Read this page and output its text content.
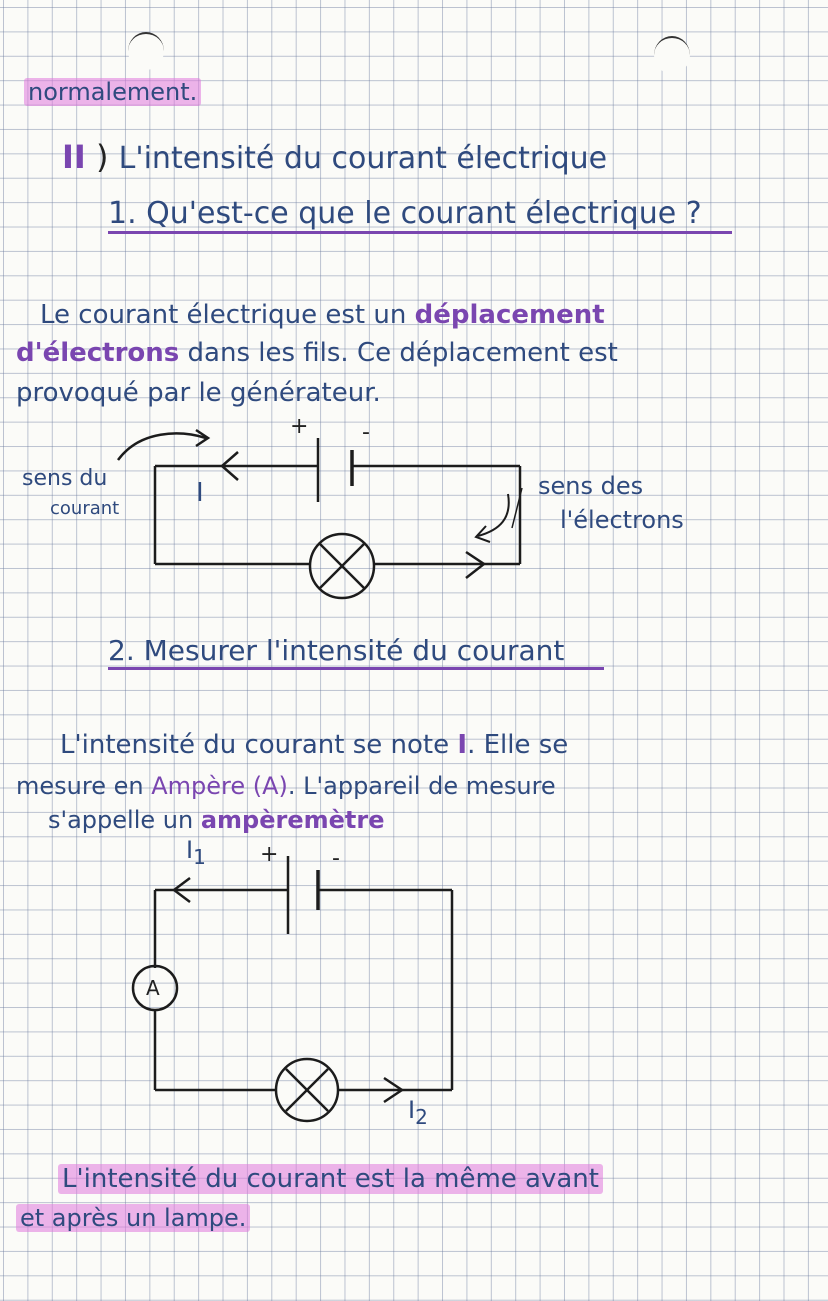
normalement.
II ) L'intensité du courant électrique
1. Qu'est-ce que le courant électrique ?
Le courant électrique est un déplacement
d'électrons dans les fils. Ce déplacement est
provoqué par le générateur.
+ -
sens du
courant
I	sens des
l'électrons
2. Mesurer l'intensité du courant
L'intensité du courant se note I. Elle se
mesure en Ampère (A). L'appareil de mesure
s'appelle un ampèremètre
$I_1$ + -
A
$I_2$
L'intensité du courant est la même avant
et après un lampe.
